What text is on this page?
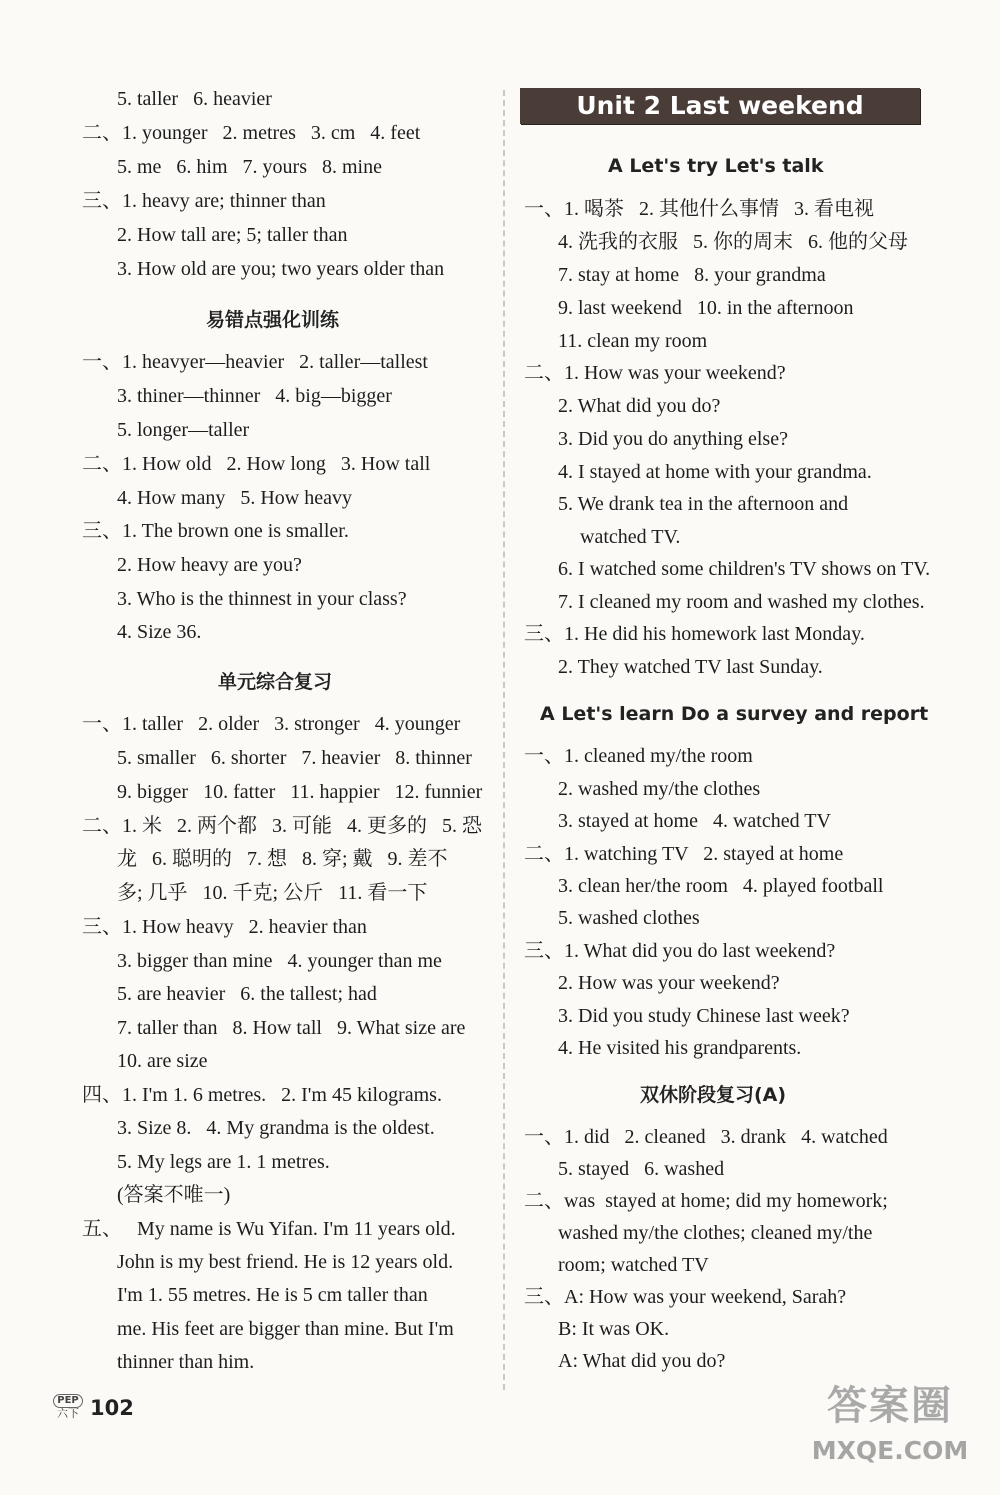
5. taller   6. heavier
二、1. younger   2. metres   3. cm   4. feet
5. me   6. him   7. yours   8. mine
三、1. heavy are; thinner than
2. How tall are; 5; taller than
3. How old are you; two years older than
易错点强化训练
一、1. heavyer—heavier   2. taller—tallest
3. thiner—thinner   4. big—bigger
5. longer—taller
二、1. How old   2. How long   3. How tall
4. How many   5. How heavy
三、1. The brown one is smaller.
2. How heavy are you?
3. Who is the thinnest in your class?
4. Size 36.
单元综合复习
一、1. taller   2. older   3. stronger   4. younger
5. smaller   6. shorter   7. heavier   8. thinner
9. bigger   10. fatter   11. happier   12. funnier
二、1. 米   2. 两个都   3. 可能   4. 更多的   5. 恐
龙   6. 聪明的   7. 想   8. 穿; 戴   9. 差不
多; 几乎   10. 千克; 公斤   11. 看一下
三、1. How heavy   2. heavier than
3. bigger than mine   4. younger than me
5. are heavier   6. the tallest; had
7. taller than   8. How tall   9. What size are
10. are size
四、1. I'm 1. 6 metres.   2. I'm 45 kilograms.
3. Size 8.   4. My grandma is the oldest.
5. My legs are 1. 1 metres.
(答案不唯一)
五、   My name is Wu Yifan. I'm 11 years old.
John is my best friend. He is 12 years old.
I'm 1. 55 metres. He is 5 cm taller than
me. His feet are bigger than mine. But I'm
thinner than him.
Unit 2 Last weekend
A Let's try Let's talk
一、1. 喝茶   2. 其他什么事情   3. 看电视
4. 洗我的衣服   5. 你的周末   6. 他的父母
7. stay at home   8. your grandma
9. last weekend   10. in the afternoon
11. clean my room
二、1. How was your weekend?
2. What did you do?
3. Did you do anything else?
4. I stayed at home with your grandma.
5. We drank tea in the afternoon and
watched TV.
6. I watched some children's TV shows on TV.
7. I cleaned my room and washed my clothes.
三、1. He did his homework last Monday.
2. They watched TV last Sunday.
A Let's learn Do a survey and report
一、1. cleaned my/the room
2. washed my/the clothes
3. stayed at home   4. watched TV
二、1. watching TV   2. stayed at home
3. clean her/the room   4. played football
5. washed clothes
三、1. What did you do last weekend?
2. How was your weekend?
3. Did you study Chinese last week?
4. He visited his grandparents.
双休阶段复习(A)
一、1. did   2. cleaned   3. drank   4. watched
5. stayed   6. washed
二、was  stayed at home; did my homework;
washed my/the clothes; cleaned my/the
room; watched TV
三、A: How was your weekend, Sarah?
B: It was OK.
A: What did you do?
PEP
六下 102	答案圈
MXQE.COM
